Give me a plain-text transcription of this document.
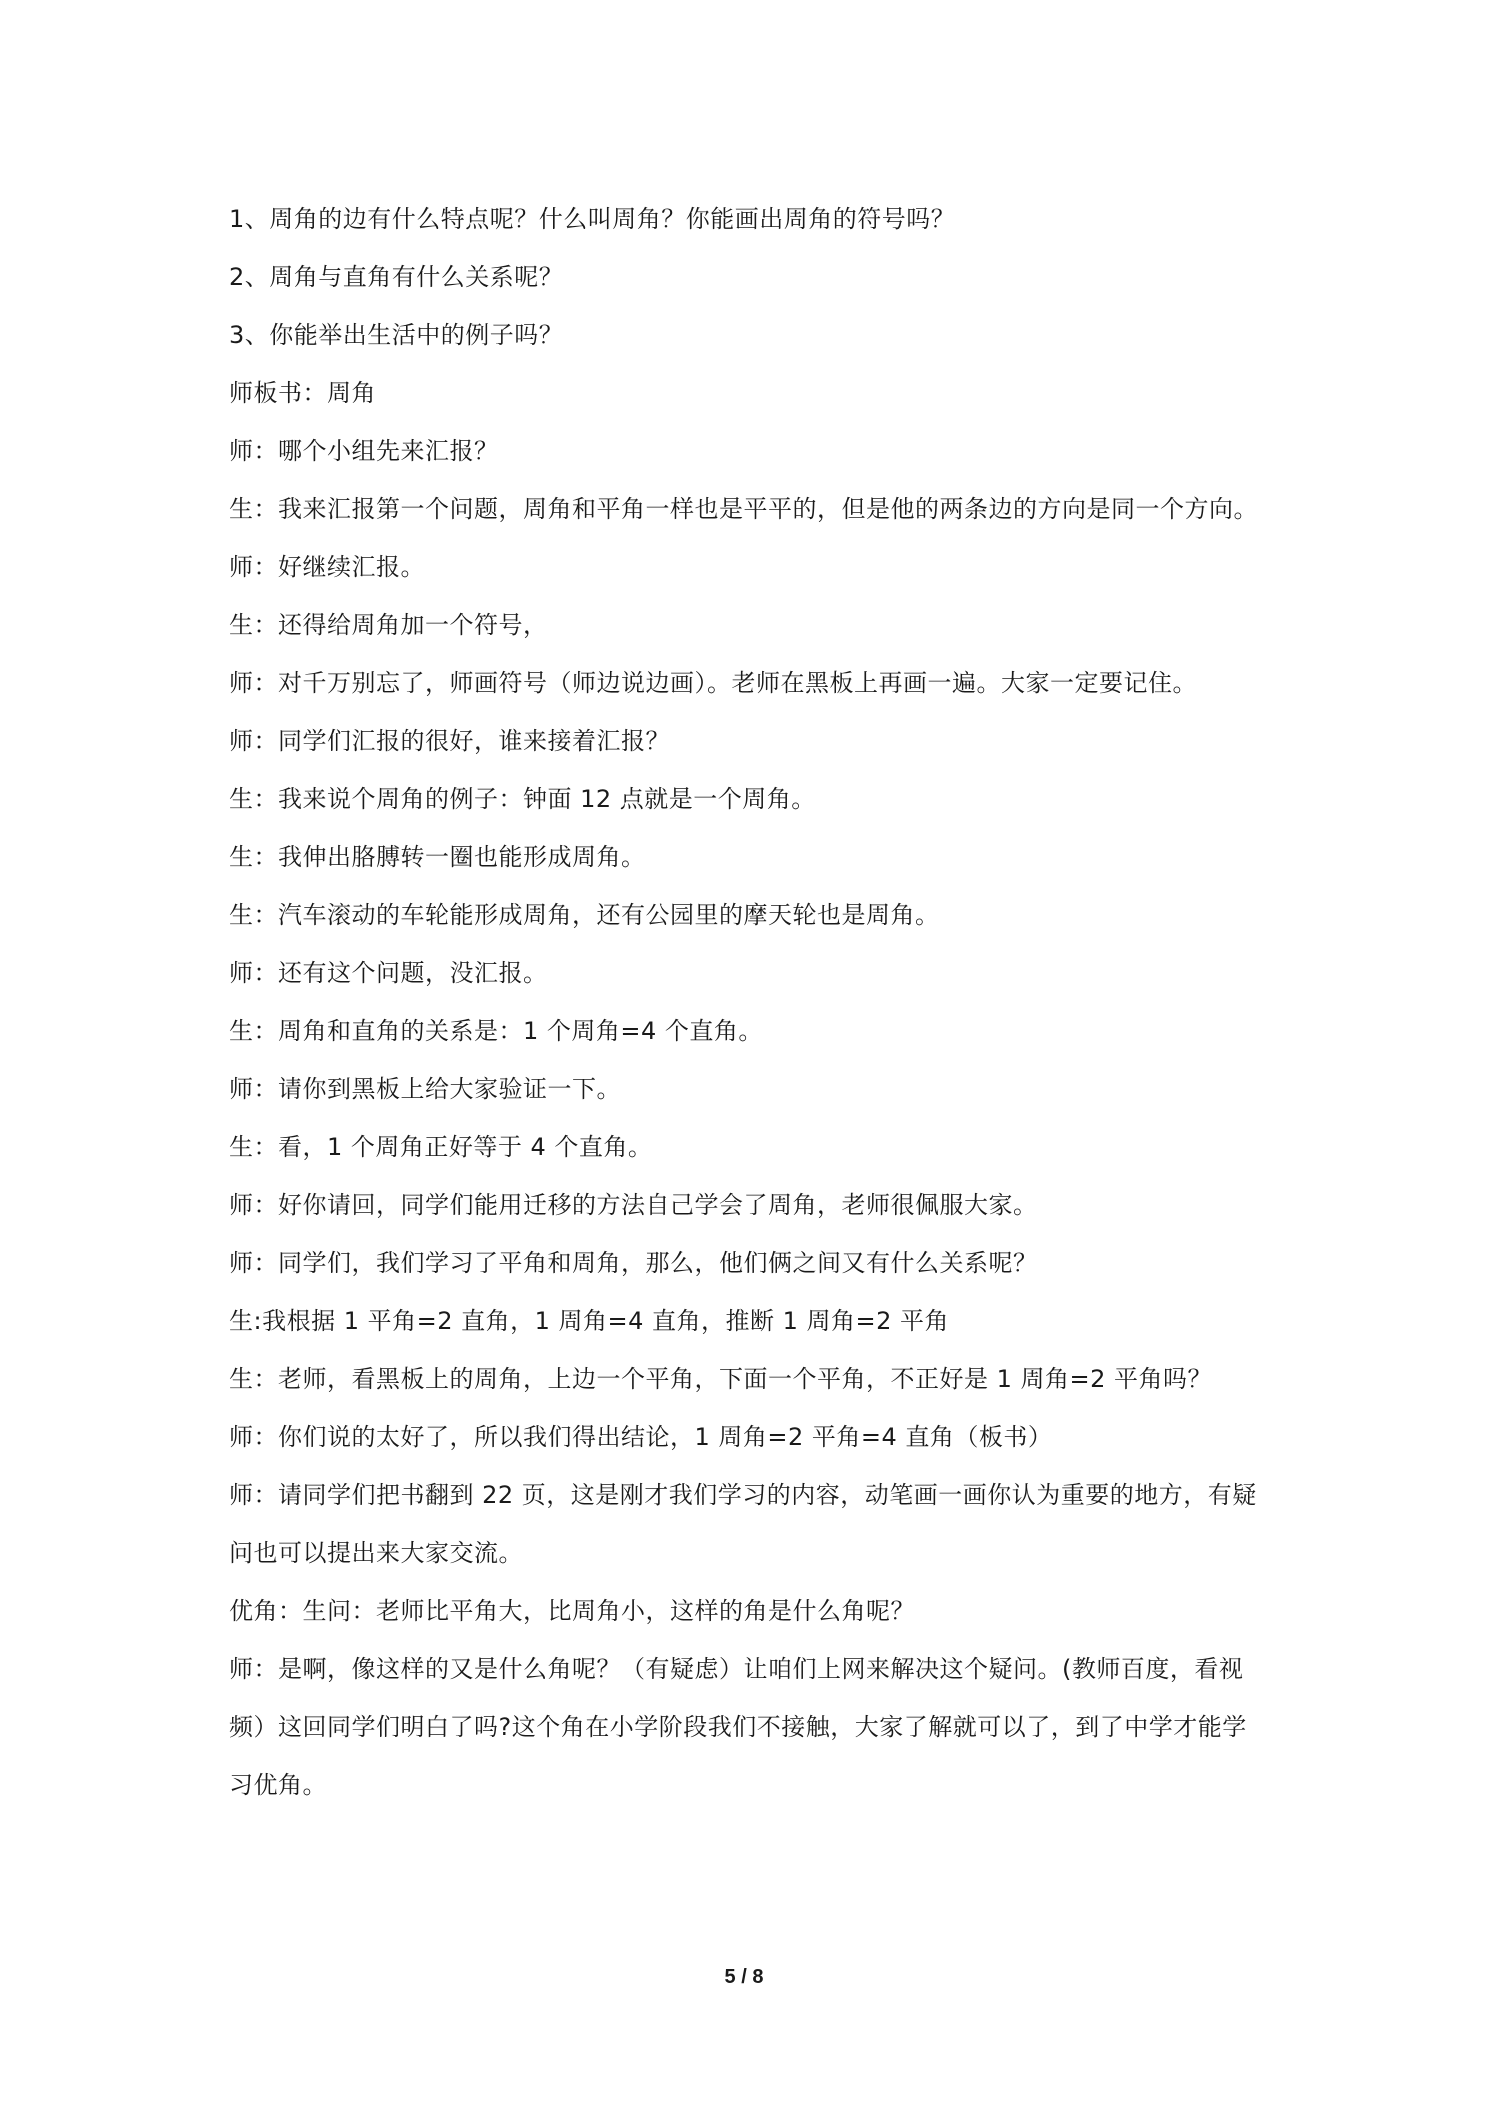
1、周角的边有什么特点呢？什么叫周角？你能画出周角的符号吗？

2、周角与直角有什么关系呢？

3、你能举出生活中的例子吗？

师板书：周角

师：哪个小组先来汇报？

生：我来汇报第一个问题，周角和平角一样也是平平的，但是他的两条边的方向是同一个方向。

师：好继续汇报。

生：还得给周角加一个符号，

师：对千万别忘了，师画符号（师边说边画）。老师在黑板上再画一遍。大家一定要记住。

师：同学们汇报的很好，谁来接着汇报？

生：我来说个周角的例子：钟面 12 点就是一个周角。

生：我伸出胳膊转一圈也能形成周角。

生：汽车滚动的车轮能形成周角，还有公园里的摩天轮也是周角。

师：还有这个问题，没汇报。

生：周角和直角的关系是：1 个周角=4 个直角。

师：请你到黑板上给大家验证一下。

生：看，1 个周角正好等于 4 个直角。

师：好你请回，同学们能用迁移的方法自己学会了周角，老师很佩服大家。

师：同学们，我们学习了平角和周角，那么，他们俩之间又有什么关系呢？

生:我根据 1 平角=2 直角，1 周角=4 直角，推断 1 周角=2 平角

生：老师，看黑板上的周角，上边一个平角，下面一个平角，不正好是 1 周角=2 平角吗？

师：你们说的太好了，所以我们得出结论，1 周角=2 平角=4 直角（板书）

师：请同学们把书翻到 22 页，这是刚才我们学习的内容，动笔画一画你认为重要的地方，有疑问也可以提出来大家交流。

优角：生问：老师比平角大，比周角小，这样的角是什么角呢？

师：是啊，像这样的又是什么角呢？（有疑虑）让咱们上网来解决这个疑问。(教师百度，看视频）这回同学们明白了吗?这个角在小学阶段我们不接触，大家了解就可以了，到了中学才能学习优角。

5 / 8
